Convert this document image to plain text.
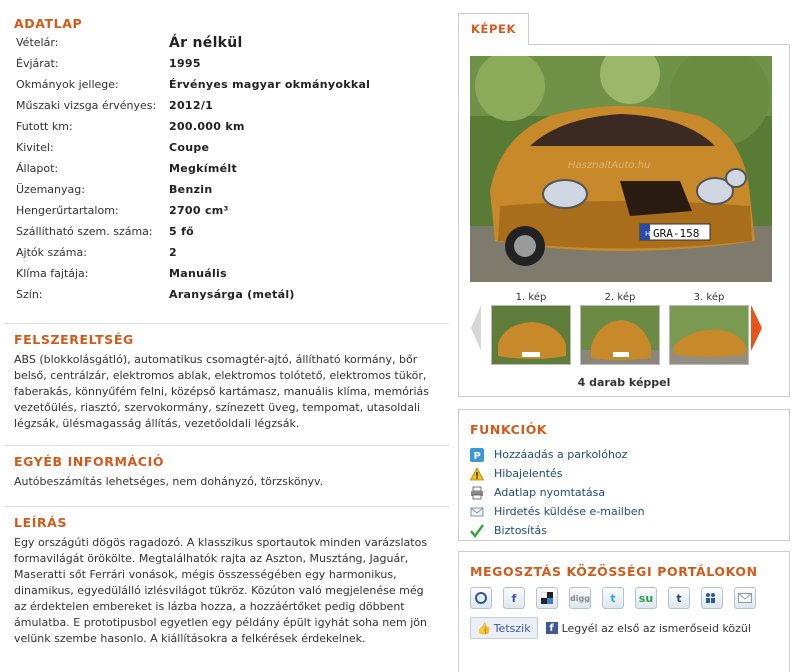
ADATLAP
Vételár:	Ár nélkül
Évjárat:	1995
Okmányok jellege:	Érvényes magyar okmányokkal
Műszaki vizsga érvényes:	2012/1
Futott km:	200.000 km
Kivitel:	Coupe
Állapot:	Megkímélt
Üzemanyag:	Benzin
Hengerűrtartalom:	2700 cm³
Szállítható szem. száma:	5 fő
Ajtók száma:	2
Klíma fajtája:	Manuális
Szín:	Aranysárga (metál)
FELSZERELTSÉG
ABS (blokkolásgátló), automatikus csomagtér-ajtó, állítható kormány, bőr belső, centrálzár, elektromos ablak, elektromos tolótető, elektromos tükör, faberakás, könnyűfém felni, középső kartámasz, manuális klíma, memóriás vezetőülés, riasztó, szervokormány, színezett üveg, tempomat, utasoldali légzsák, ülésmagasság állítás, vezetőoldali légzsák.
EGYÉB INFORMÁCIÓ
Autóbeszámítás lehetséges, nem dohányzó, törzskönyv.
LEÍRÁS
Egy országúti dögös ragadozó. A klasszikus sportautok minden varázslatos formavilágát örökölte. Megtalálhatók rajta az Aszton, Musztáng, Jaguár, Maseratti sőt Ferrári vonások, mégis összességében egy harmonikus, dinamikus, egyedülálló izlésvilágot tükröz. Közúton való megjelenése még az érdektelen embereket is lázba hozza, a hozzáértőket pedig döbbent ámulatba. E prototipusbol egyetlen egy példány épült igyhát soha nem jön velünk szembe hasonlo. A kiállításokra a felkérések érdekelnek.
KÉPEK
H GRA-158
HasznaltAuto.hu
1. kép	2. kép	3. kép
4 darab képpel
FUNKCIÓK
P Hozzáadás a parkolóhoz
Hibajelentés
Adatlap nyomtatása
Hirdetés küldése e-mailben
Biztosítás
MEGOSZTÁS KÖZÖSSÉGI PORTÁLOKON
f	digg	t	su	t
👍 Tetszik	f Legyél az első az ismerőseid közül
